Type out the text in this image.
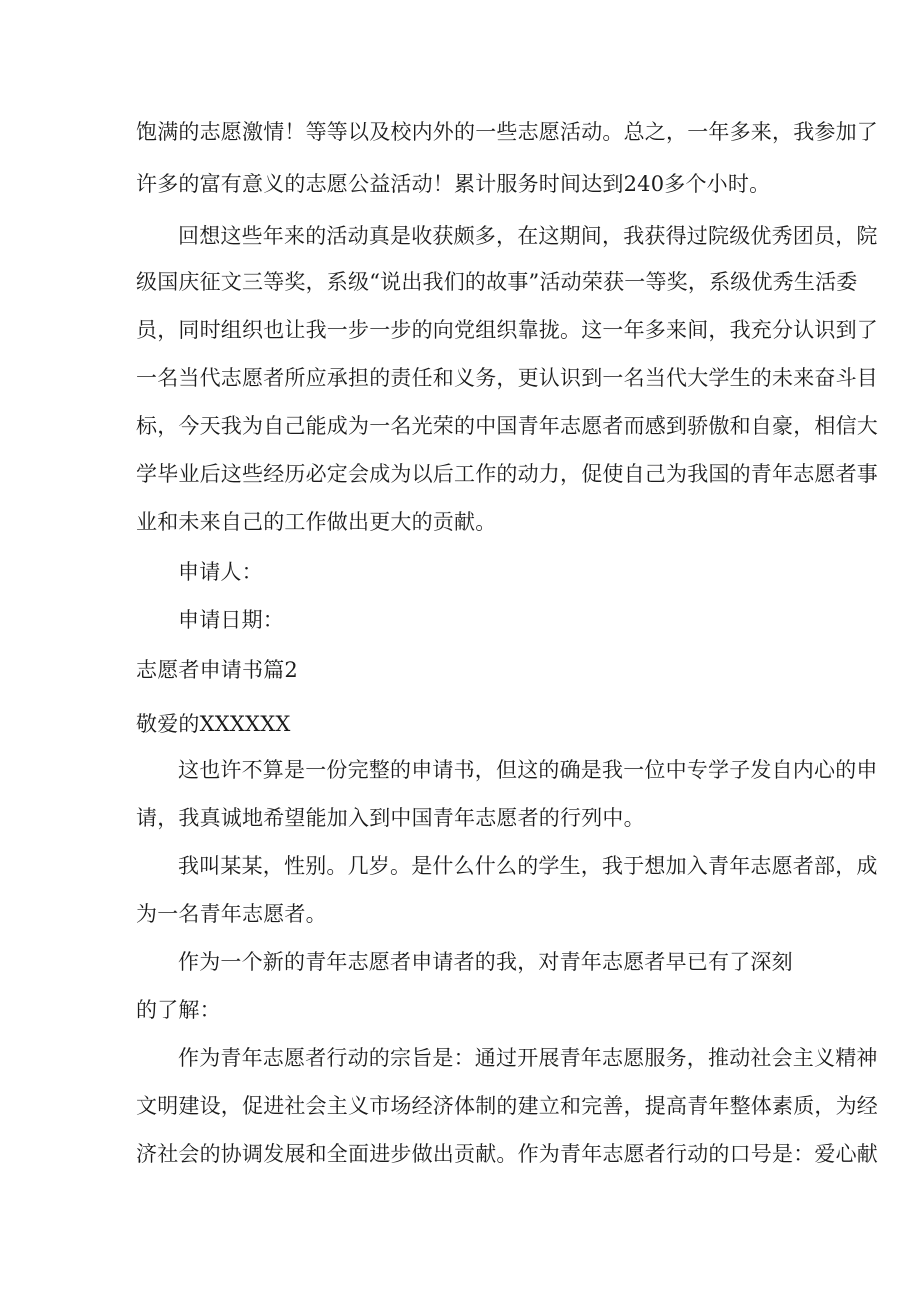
饱满的志愿激情！等等以及校内外的一些志愿活动。总之，一年多来，我参加了
许多的富有意义的志愿公益活动！累计服务时间达到240多个小时。
回想这些年来的活动真是收获颇多，在这期间，我获得过院级优秀团员，院
级国庆征文三等奖，系级“说出我们的故事”活动荣获一等奖，系级优秀生活委
员，同时组织也让我一步一步的向党组织靠拢。这一年多来间，我充分认识到了
一名当代志愿者所应承担的责任和义务，更认识到一名当代大学生的未来奋斗目
标，今天我为自己能成为一名光荣的中国青年志愿者而感到骄傲和自豪，相信大
学毕业后这些经历必定会成为以后工作的动力，促使自己为我国的青年志愿者事
业和未来自己的工作做出更大的贡献。
申请人：
申请日期：
志愿者申请书篇2
敬爱的XXXXXX
这也许不算是一份完整的申请书，但这的确是我一位中专学子发自内心的申
请，我真诚地希望能加入到中国青年志愿者的行列中。
我叫某某，性别。几岁。是什么什么的学生，我于想加入青年志愿者部，成
为一名青年志愿者。
作为一个新的青年志愿者申请者的我，对青年志愿者早已有了深刻
的了解：
作为青年志愿者行动的宗旨是：通过开展青年志愿服务，推动社会主义精神
文明建设，促进社会主义市场经济体制的建立和完善，提高青年整体素质，为经
济社会的协调发展和全面进步做出贡献。作为青年志愿者行动的口号是：爱心献
